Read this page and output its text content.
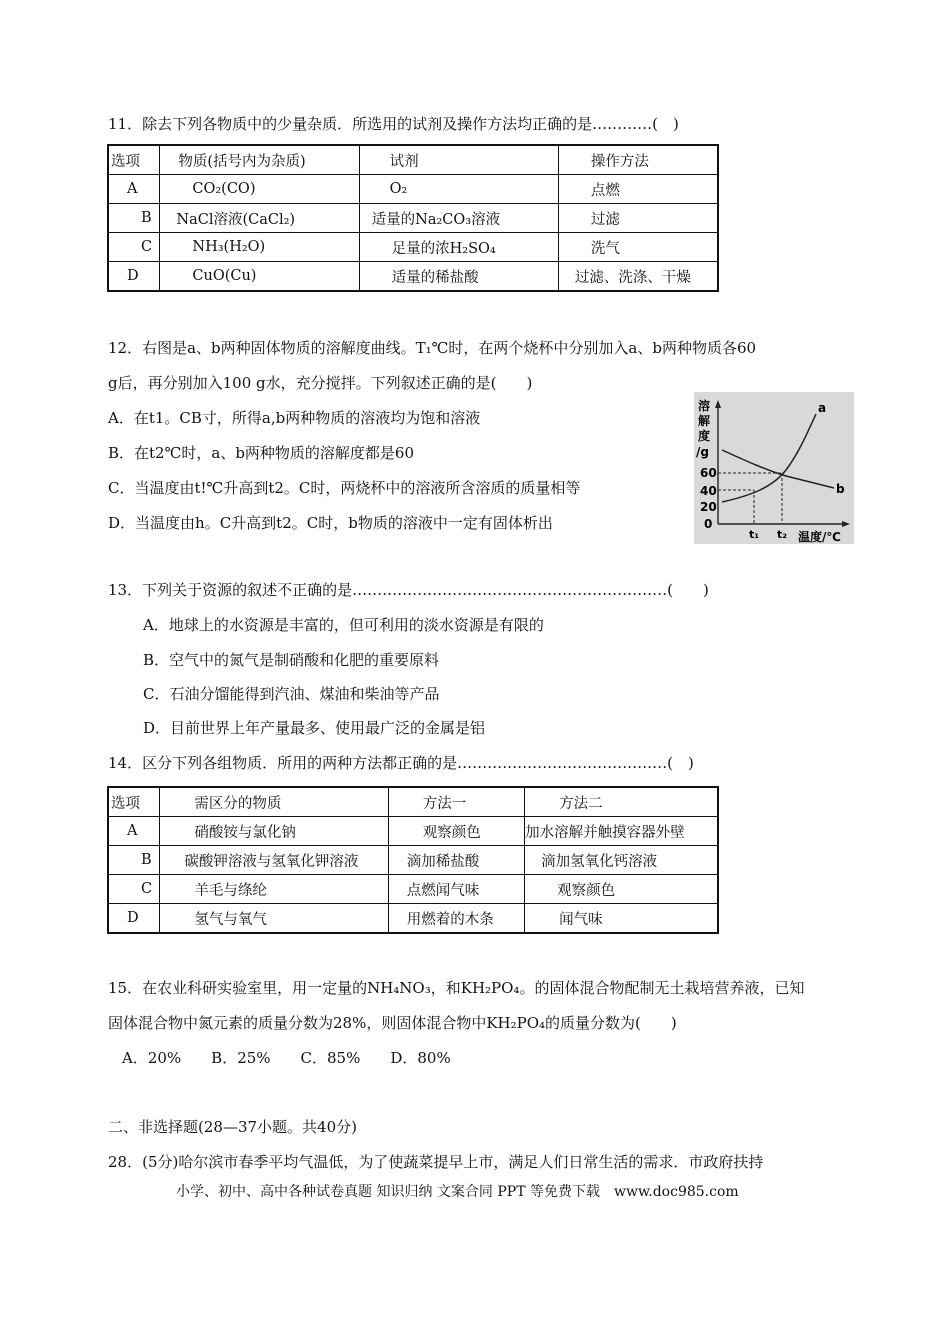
11．除去下列各物质中的少量杂质．所选用的试剂及操作方法均正确的是…………(　)
选项	物质(括号内为杂质)	试剂	操作方法
A	CO₂(CO)	O₂	点燃
B	NaCl溶液(CaCl₂)	适量的Na₂CO₃溶液	过滤
C	NH₃(H₂O)	足量的浓H₂SO₄	洗气
D	CuO(Cu)	适量的稀盐酸	过滤、洗涤、干燥
12．右图是a、b两种固体物质的溶解度曲线。T₁℃时，在两个烧杯中分别加入a、b两种物质各60
g后，再分别加入100 g水，充分搅拌。下列叙述正确的是(　　)
A．在t1。CB寸，所得a,b两种物质的溶液均为饱和溶液
B．在t2℃时，a、b两种物质的溶解度都是60
C．当温度由t!℃升高到t2。C时，两烧杯中的溶液所含溶质的质量相等
D．当温度由h。C升高到t2。C时，b物质的溶液中一定有固体析出
溶
解
度
/g
60
40
20
0
a
b
t₁ t₂ 温度/℃
13．下列关于资源的叙述不正确的是………………………………………………………(　　)
A．地球上的水资源是丰富的，但可利用的淡水资源是有限的
B．空气中的氮气是制硝酸和化肥的重要原料
C．石油分馏能得到汽油、煤油和柴油等产品
D．目前世界上年产量最多、使用最广泛的金属是铝
14．区分下列各组物质．所用的两种方法都正确的是……………………………………(　)
选项	需区分的物质	方法一	方法二
A	硝酸铵与氯化钠	观察颜色	加水溶解并触摸容器外壁
B	碳酸钾溶液与氢氧化钾溶液	滴加稀盐酸	滴加氢氧化钙溶液
C	羊毛与绦纶	点燃闻气味	观察颜色
D	氢气与氧气	用燃着的木条	闻气味
15．在农业科研实验室里，用一定量的NH₄NO₃，和KH₂PO₄。的固体混合物配制无土栽培营养液，已知
固体混合物中氮元素的质量分数为28%，则固体混合物中KH₂PO₄的质量分数为(　　)
A．20%　　B．25%　　C．85%　　D．80%
二、非选择题(28—37小题。共40分)
28．(5分)哈尔滨市春季平均气温低，为了使蔬菜提早上市，满足人们日常生活的需求．市政府扶持
小学、初中、高中各种试卷真题 知识归纳 文案合同 PPT 等免费下载　www.doc985.com
